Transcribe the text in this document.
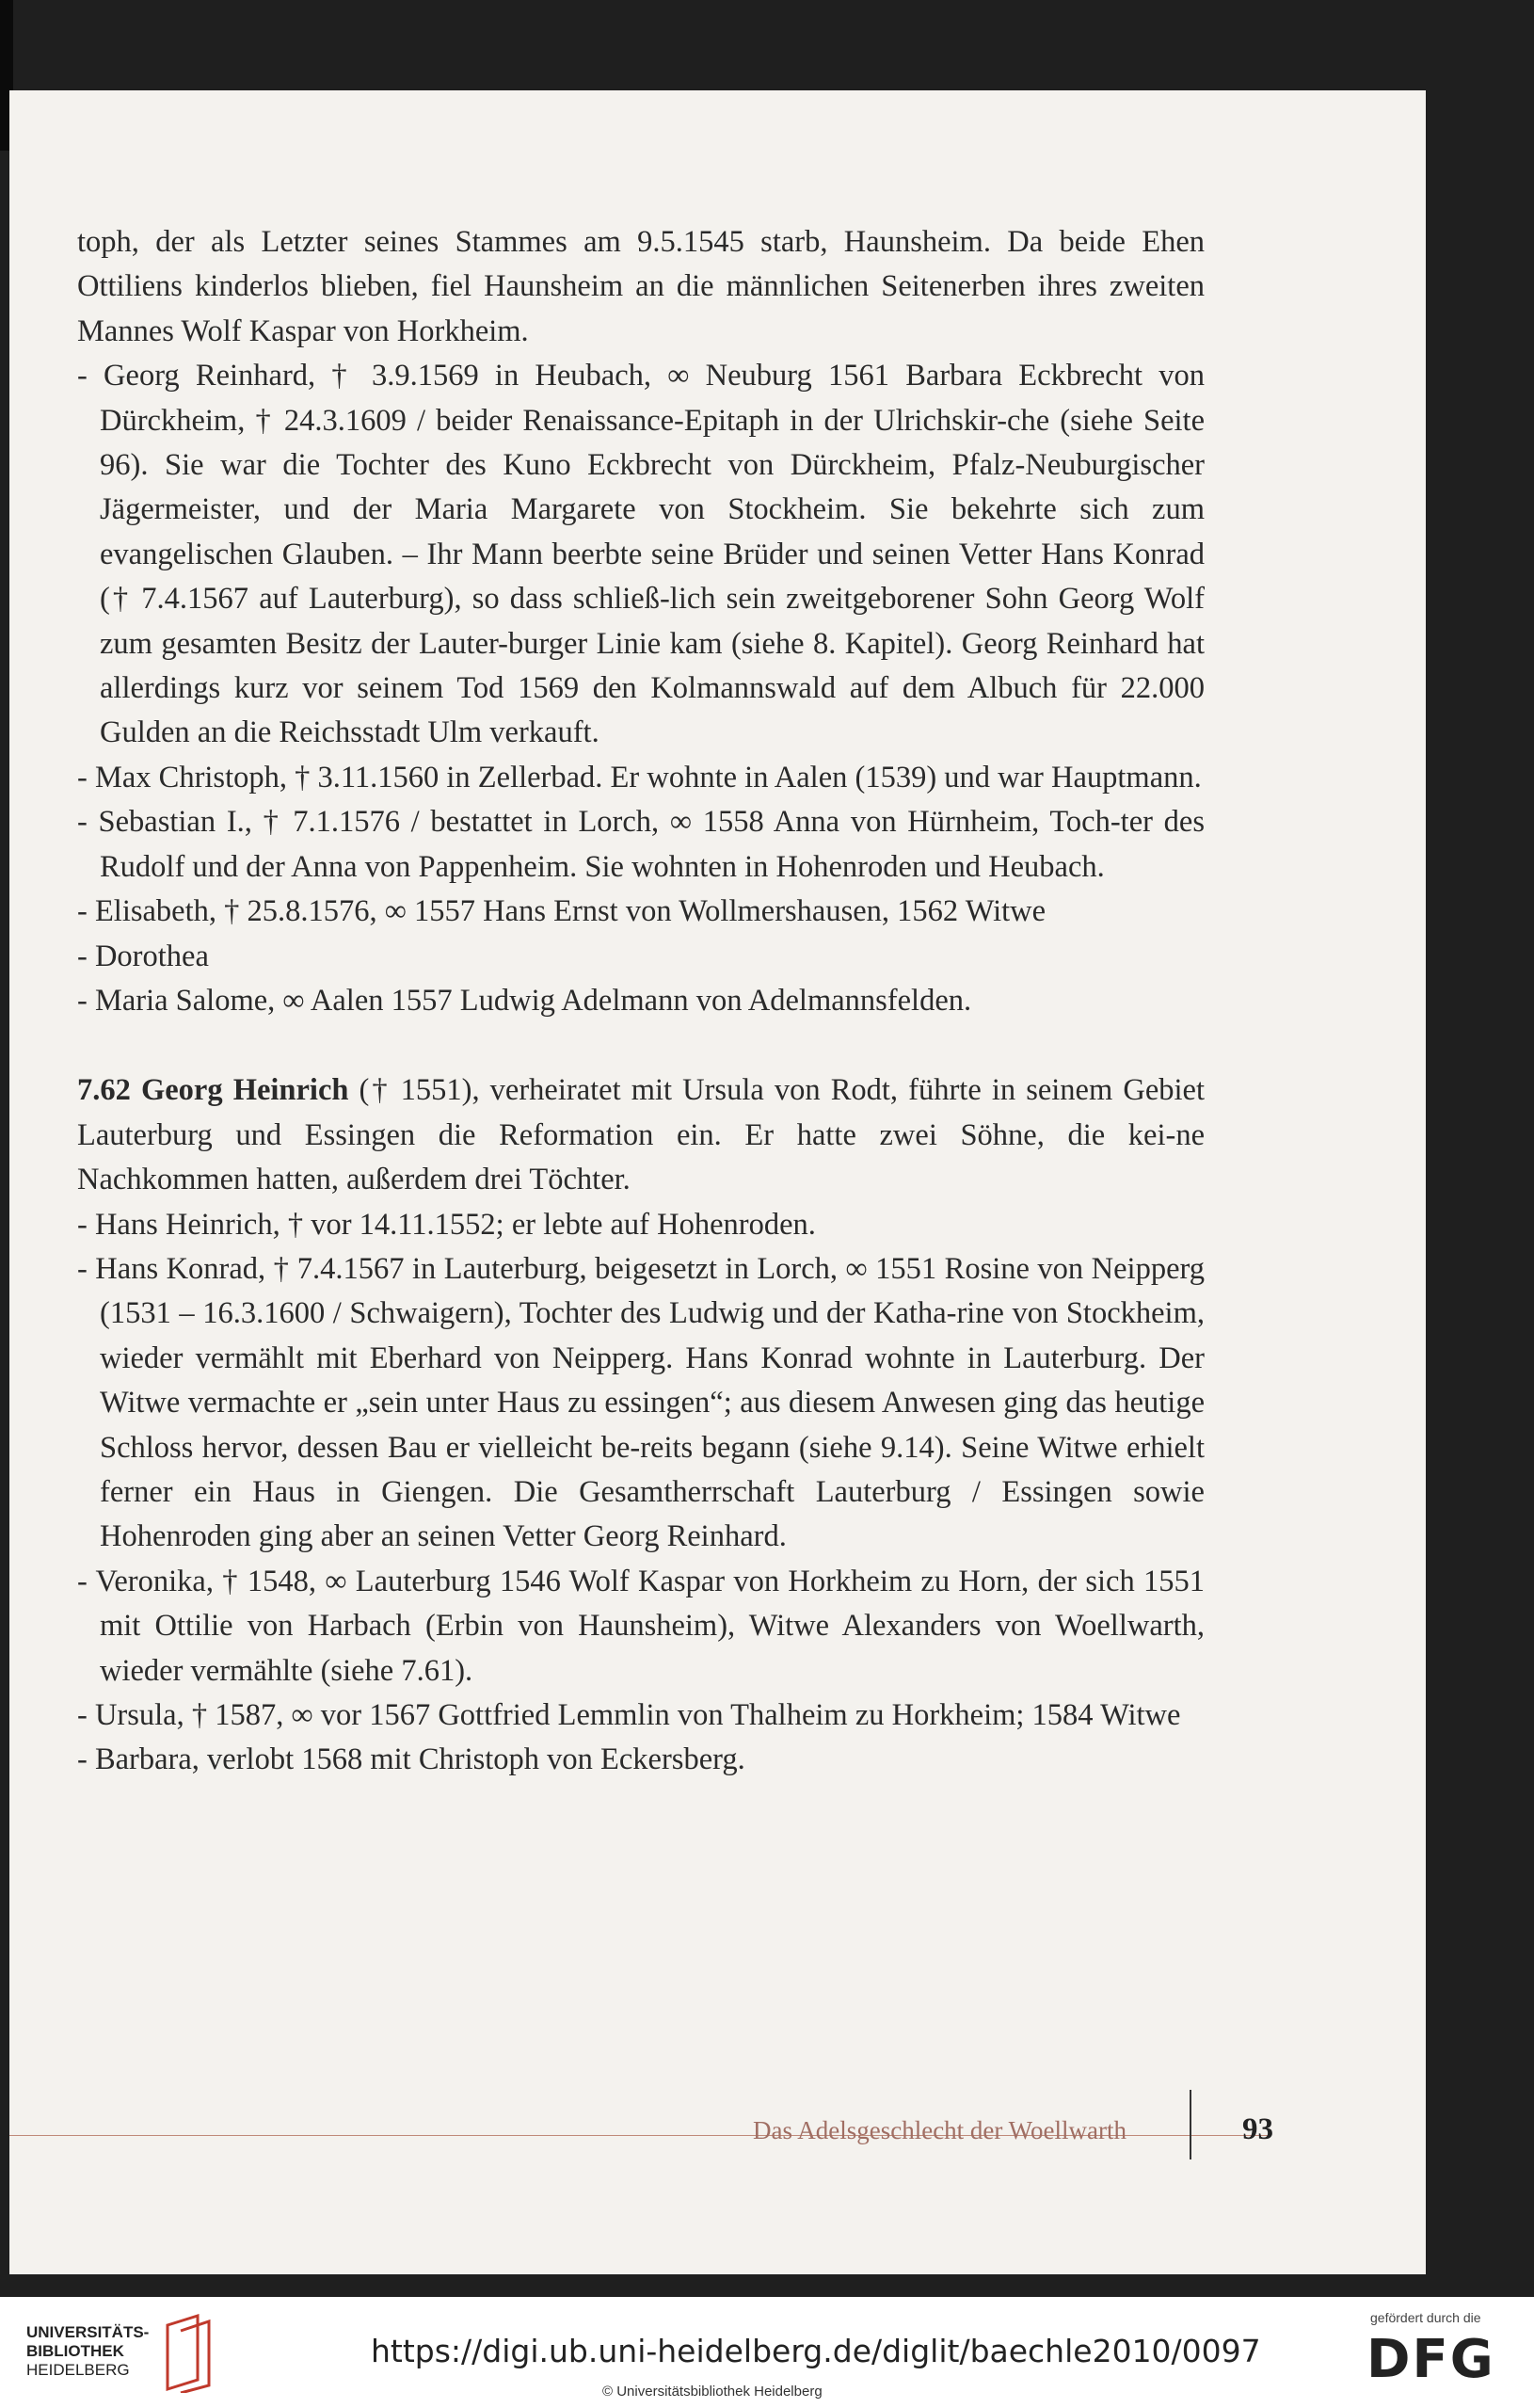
toph, der als Letzter seines Stammes am 9.5.1545 starb, Haunsheim. Da beide Ehen Ottiliens kinderlos blieben, fiel Haunsheim an die männlichen Seitenerben ihres zweiten Mannes Wolf Kaspar von Horkheim.

- Georg Reinhard, † 3.9.1569 in Heubach, ∞ Neuburg 1561 Barbara Eckbrecht von Dürckheim, † 24.3.1609 / beider Renaissance-Epitaph in der Ulrichskir-che (siehe Seite 96). Sie war die Tochter des Kuno Eckbrecht von Dürckheim, Pfalz-Neuburgischer Jägermeister, und der Maria Margarete von Stockheim. Sie bekehrte sich zum evangelischen Glauben. – Ihr Mann beerbte seine Brüder und seinen Vetter Hans Konrad († 7.4.1567 auf Lauterburg), so dass schließ-lich sein zweitgeborener Sohn Georg Wolf zum gesamten Besitz der Lauter-burger Linie kam (siehe 8. Kapitel). Georg Reinhard hat allerdings kurz vor seinem Tod 1569 den Kolmannswald auf dem Albuch für 22.000 Gulden an die Reichsstadt Ulm verkauft.

- Max Christoph, † 3.11.1560 in Zellerbad. Er wohnte in Aalen (1539) und war Hauptmann.

- Sebastian I., † 7.1.1576 / bestattet in Lorch, ∞ 1558 Anna von Hürnheim, Toch-ter des Rudolf und der Anna von Pappenheim. Sie wohnten in Hohenroden und Heubach.

- Elisabeth, † 25.8.1576, ∞ 1557 Hans Ernst von Wollmershausen, 1562 Witwe

- Dorothea

- Maria Salome, ∞ Aalen 1557 Ludwig Adelmann von Adelmannsfelden.

7.62 Georg Heinrich († 1551), verheiratet mit Ursula von Rodt, führte in seinem Gebiet Lauterburg und Essingen die Reformation ein. Er hatte zwei Söhne, die kei-ne Nachkommen hatten, außerdem drei Töchter.

- Hans Heinrich, † vor 14.11.1552; er lebte auf Hohenroden.

- Hans Konrad, † 7.4.1567 in Lauterburg, beigesetzt in Lorch, ∞ 1551 Rosine von Neipperg (1531 – 16.3.1600 / Schwaigern), Tochter des Ludwig und der Katha-rine von Stockheim, wieder vermählt mit Eberhard von Neipperg. Hans Konrad wohnte in Lauterburg. Der Witwe vermachte er „sein unter Haus zu essingen“; aus diesem Anwesen ging das heutige Schloss hervor, dessen Bau er vielleicht be-reits begann (siehe 9.14). Seine Witwe erhielt ferner ein Haus in Giengen. Die Gesamtherrschaft Lauterburg / Essingen sowie Hohenroden ging aber an seinen Vetter Georg Reinhard.

- Veronika, † 1548, ∞ Lauterburg 1546 Wolf Kaspar von Horkheim zu Horn, der sich 1551 mit Ottilie von Harbach (Erbin von Haunsheim), Witwe Alexanders von Woellwarth, wieder vermählte (siehe 7.61).

- Ursula, † 1587, ∞ vor 1567 Gottfried Lemmlin von Thalheim zu Horkheim; 1584 Witwe

- Barbara, verlobt 1568 mit Christoph von Eckersberg.

Das Adelsgeschlecht der Woellwarth	93
UNIVERSITÄTS-
BIBLIOTHEK
HEIDELBERG
https://digi.ub.uni-heidelberg.de/diglit/baechle2010/0097
© Universitätsbibliothek Heidelberg
gefördert durch die
DFG
